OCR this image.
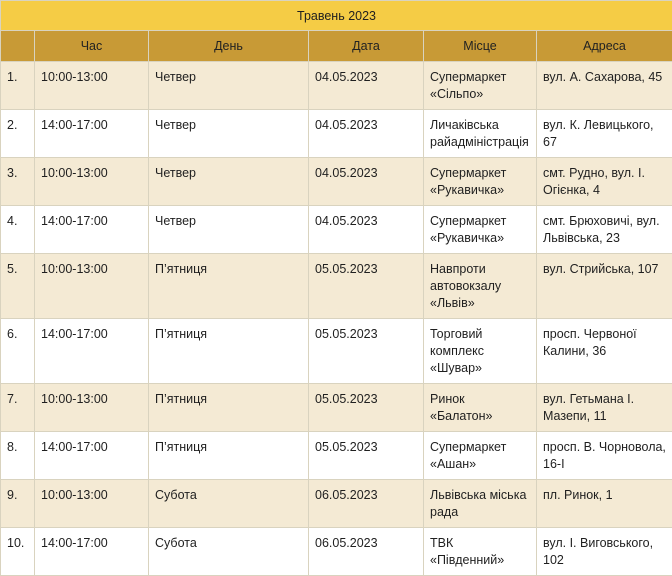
Травень 2023					
	Час	День	Дата	Місце	Адреса
1.	10:00-13:00	Четвер	04.05.2023	Супермаркет «Сільпо»	вул. А. Сахарова, 45
2.	14:00-17:00	Четвер	04.05.2023	Личаківська райадміністрація	вул. К. Левицького, 67
3.	10:00-13:00	Четвер	04.05.2023	Супермаркет «Рукавичка»	смт. Рудно, вул. І. Огієнка, 4
4.	14:00-17:00	Четвер	04.05.2023	Супермаркет «Рукавичка»	смт. Брюховичі, вул. Львівська, 23
5.	10:00-13:00	П’ятниця	05.05.2023	Навпроти автовокзалу «Львів»	вул. Стрийська, 107
6.	14:00-17:00	П’ятниця	05.05.2023	Торговий комплекс «Шувар»	просп. Червоної Калини, 36
7.	10:00-13:00	П’ятниця	05.05.2023	Ринок «Балатон»	вул. Гетьмана І. Мазепи, 11
8.	14:00-17:00	П’ятниця	05.05.2023	Супермаркет «Ашан»	просп. В. Чорновола, 16-І
9.	10:00-13:00	Субота	06.05.2023	Львівська міська рада	пл. Ринок, 1
10.	14:00-17:00	Субота	06.05.2023	ТВК «Південний»	вул. І. Виговського, 102
